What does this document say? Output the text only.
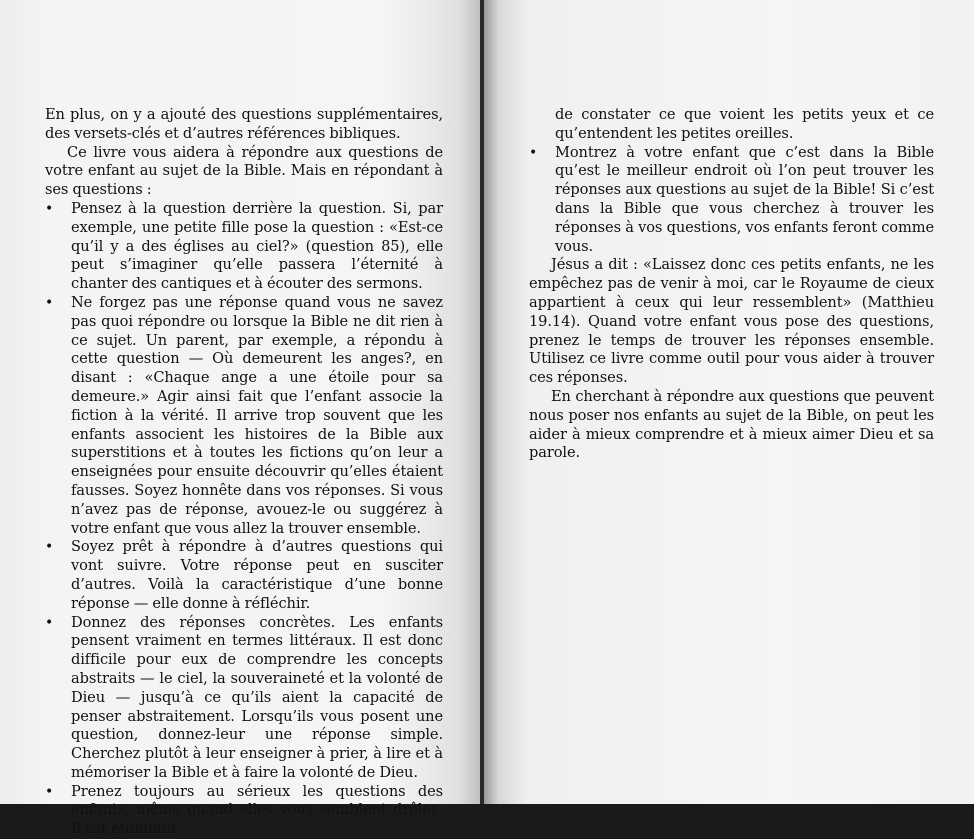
En plus, on y a ajouté des questions supplémentaires, des versets-clés et d’autres références bibliques.

Ce livre vous aidera à répondre aux questions de votre enfant au sujet de la Bible. Mais en répondant à ses questions :

• Pensez à la question derrière la question. Si, par exemple, une petite fille pose la question : «Est-ce qu’il y a des églises au ciel?» (question 85), elle peut s’imaginer qu’elle passera l’éternité à chanter des cantiques et à écouter des sermons.
• Ne forgez pas une réponse quand vous ne savez pas quoi répondre ou lorsque la Bible ne dit rien à ce sujet. Un parent, par exemple, a répondu à cette question — Où demeurent les anges?, en disant : «Chaque ange a une étoile pour sa demeure.» Agir ainsi fait que l’enfant associe la fiction à la vérité. Il arrive trop souvent que les enfants associent les histoires de la Bible aux superstitions et à toutes les fictions qu’on leur a enseignées pour ensuite découvrir qu’elles étaient fausses. Soyez honnête dans vos réponses. Si vous n’avez pas de réponse, avouez-le ou suggérez à votre enfant que vous allez la trouver ensemble.
• Soyez prêt à répondre à d’autres questions qui vont suivre. Votre réponse peut en susciter d’autres. Voilà la caractéristique d’une bonne réponse — elle donne à réfléchir.
• Donnez des réponses concrètes. Les enfants pensent vraiment en termes littéraux. Il est donc difficile pour eux de comprendre les concepts abstraits — le ciel, la souveraineté et la volonté de Dieu — jusqu’à ce qu’ils aient la capacité de penser abstraitement. Lorsqu’ils vous posent une question, donnez-leur une réponse simple. Cherchez plutôt à leur enseigner à prier, à lire et à mémoriser la Bible et à faire la volonté de Dieu.
• Prenez toujours au sérieux les questions des enfants, même quand elles vous semblent drôles. Il est étonnant
de constater ce que voient les petits yeux et ce qu’entendent les petites oreilles.
• Montrez à votre enfant que c’est dans la Bible qu’est le meilleur endroit où l’on peut trouver les réponses aux questions au sujet de la Bible! Si c’est dans la Bible que vous cherchez à trouver les réponses à vos questions, vos enfants feront comme vous.

Jésus a dit : «Laissez donc ces petits enfants, ne les empêchez pas de venir à moi, car le Royaume de cieux appartient à ceux qui leur ressemblent» (Matthieu 19.14). Quand votre enfant vous pose des questions, prenez le temps de trouver les réponses ensemble. Utilisez ce livre comme outil pour vous aider à trouver ces réponses.

En cherchant à répondre aux questions que peuvent nous poser nos enfants au sujet de la Bible, on peut les aider à mieux comprendre et à mieux aimer Dieu et sa parole.
